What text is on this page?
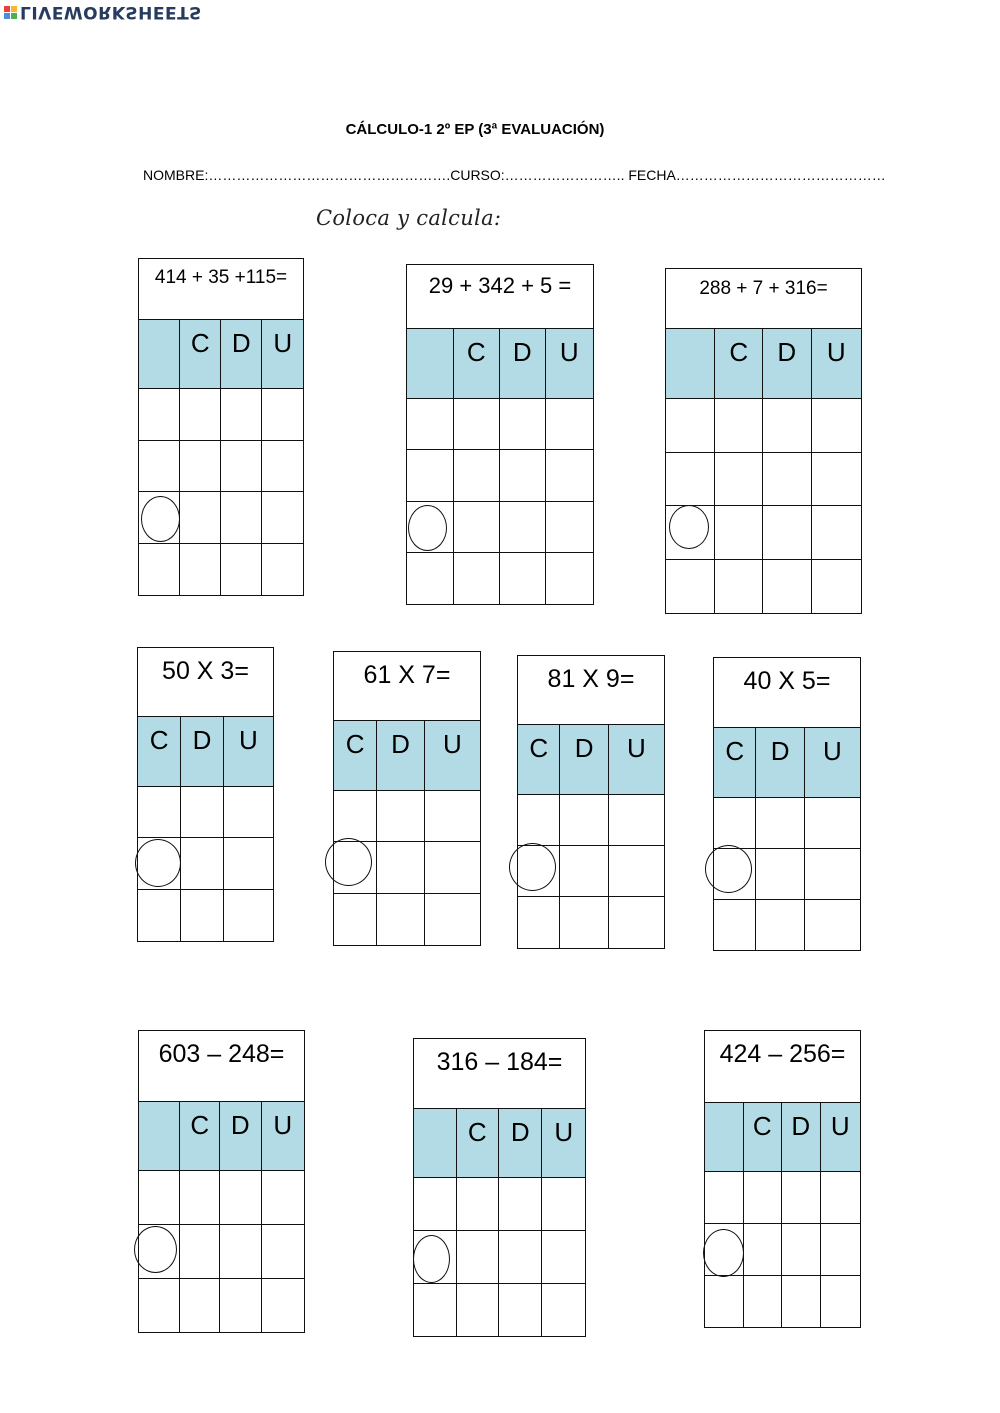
LIVEWORKSHEETS
CÁLCULO-1 2º EP (3ª EVALUACIÓN)
NOMBRE:…………………………………………….CURSO:…………………….. FECHA………………………………………
Coloca y calcula:
414 + 35 +115=
C D U
29 + 342 + 5 =
C	D	U
288 + 7 + 316=
C	D	U
50 X 3=
C D	U
61 X 7=
C	D	U
81 X 9=
C	D	U
40 X 5=
C	D	U
603 – 248=
C D U
316 – 184=
C D U
424 – 256=
C D U
